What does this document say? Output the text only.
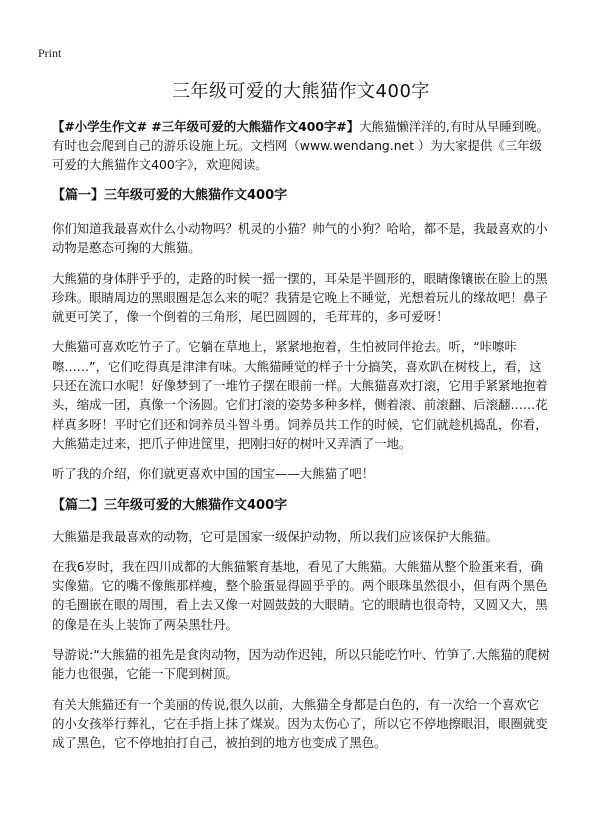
Print
三年级可爱的大熊猫作文400字

【#小学生作文# #三年级可爱的大熊猫作文400字#】大熊猫懒洋洋的,有时从早睡到晚。有时也会爬到自己的游乐设施上玩。文档网（www.wendang.net ）为大家提供《三年级可爱的大熊猫作文400字》，欢迎阅读。

【篇一】三年级可爱的大熊猫作文400字

你们知道我最喜欢什么小动物吗？机灵的小猫？帅气的小狗？哈哈，都不是，我最喜欢的小动物是憨态可掬的大熊猫。

大熊猫的身体胖乎乎的，走路的时候一摇一摆的，耳朵是半圆形的，眼睛像镶嵌在脸上的黑珍珠。眼睛周边的黑眼圈是怎么来的呢？我猜是它晚上不睡觉，光想着玩儿的缘故吧！鼻子就更可笑了，像一个倒着的三角形，尾巴圆圆的，毛茸茸的，多可爱呀！

大熊猫可喜欢吃竹子了。它躺在草地上，紧紧地抱着，生怕被同伴抢去。听，“咔嚓咔嚓……”，它们吃得真是津津有味。大熊猫睡觉的样子十分搞笑，喜欢趴在树枝上，看，这只还在流口水呢！好像梦到了一堆竹子摆在眼前一样。大熊猫喜欢打滚，它用手紧紧地抱着头，缩成一团，真像一个汤圆。它们打滚的姿势多种多样，侧着滚、前滚翻、后滚翻……花样真多呀！平时它们还和饲养员斗智斗勇。饲养员共工作的时候，它们就趁机捣乱，你看，大熊猫走过来，把爪子伸进筐里，把刚扫好的树叶又弄洒了一地。

听了我的介绍，你们就更喜欢中国的国宝——大熊猫了吧！

【篇二】三年级可爱的大熊猫作文400字

大熊猫是我最喜欢的动物，它可是国家一级保护动物，所以我们应该保护大熊猫。

在我6岁时，我在四川成都的大熊猫繁育基地，看见了大熊猫。大熊猫从整个脸蛋来看，确实像猫。它的嘴不像熊那样瘦，整个脸蛋显得圆乎乎的。两个眼珠虽然很小，但有两个黑色的毛圈嵌在眼的周围，看上去又像一对圆鼓鼓的大眼睛。它的眼睛也很奇特，又圆又大，黑的像是在头上装饰了两朵黑牡丹。

导游说:“大熊猫的祖先是食肉动物，因为动作迟钝，所以只能吃竹叶、竹笋了.大熊猫的爬树能力也很强，它能一下爬到树顶。

有关大熊猫还有一个美丽的传说,很久以前，大熊猫全身都是白色的，有一次给一个喜欢它的小女孩举行葬礼，它在手指上抹了煤炭。因为太伤心了，所以它不停地擦眼泪，眼圈就变成了黑色，它不停地拍打自己，被拍到的地方也变成了黑色。
